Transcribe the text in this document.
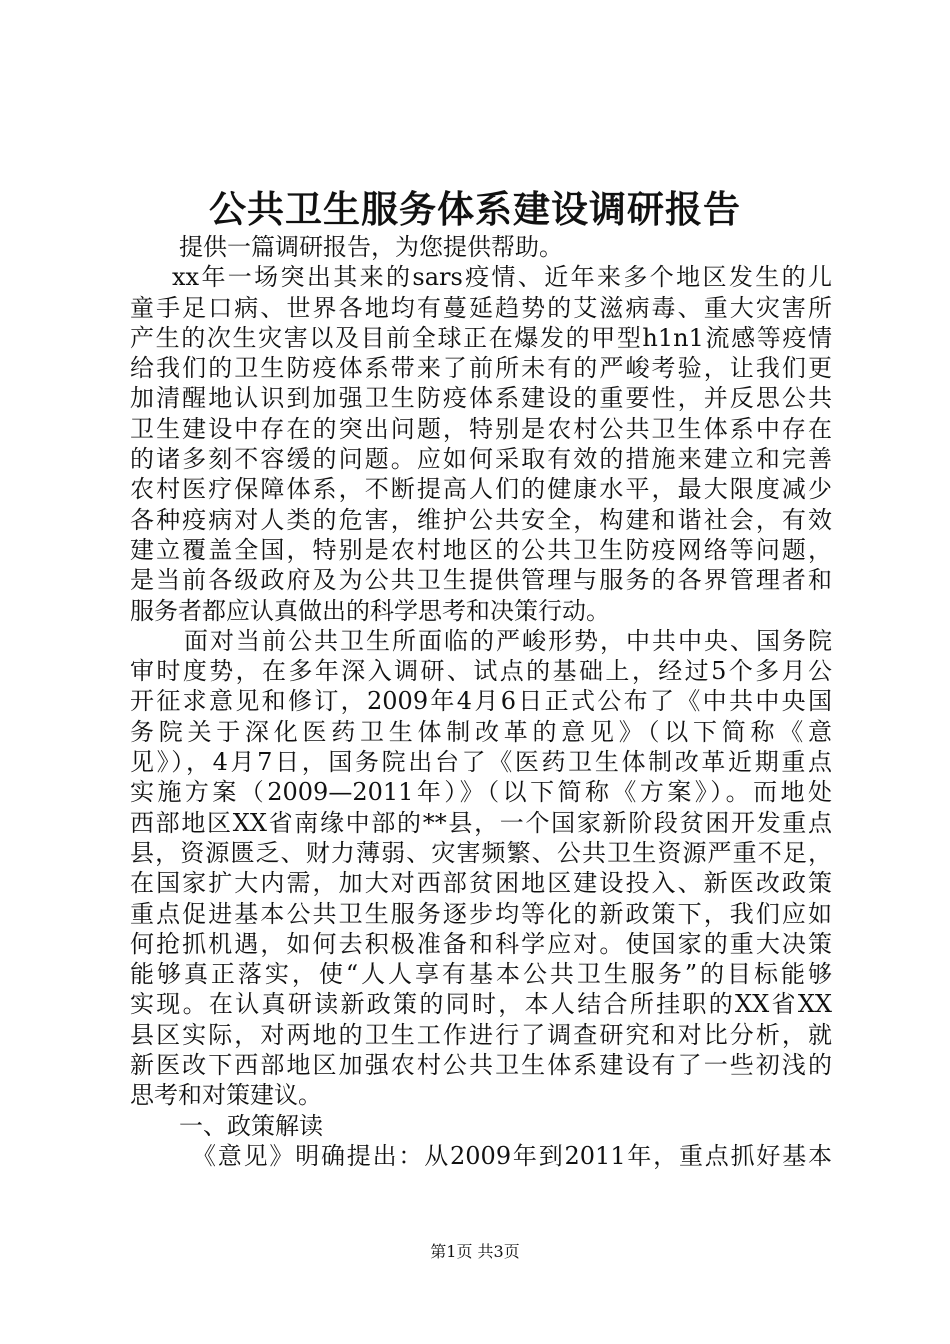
公共卫生服务体系建设调研报告
提供一篇调研报告，为您提供帮助。
xx年一场突出其来的sars疫情、近年来多个地区发生的儿
童手足口病、世界各地均有蔓延趋势的艾滋病毒、重大灾害所
产生的次生灾害以及目前全球正在爆发的甲型h1n1流感等疫情
给我们的卫生防疫体系带来了前所未有的严峻考验，让我们更
加清醒地认识到加强卫生防疫体系建设的重要性，并反思公共
卫生建设中存在的突出问题，特别是农村公共卫生体系中存在
的诸多刻不容缓的问题。应如何采取有效的措施来建立和完善
农村医疗保障体系，不断提高人们的健康水平，最大限度减少
各种疫病对人类的危害，维护公共安全，构建和谐社会，有效
建立覆盖全国，特别是农村地区的公共卫生防疫网络等问题，
是当前各级政府及为公共卫生提供管理与服务的各界管理者和
服务者都应认真做出的科学思考和决策行动。
面对当前公共卫生所面临的严峻形势，中共中央、国务院
审时度势，在多年深入调研、试点的基础上，经过5个多月公
开征求意见和修订，2009年4月6日正式公布了《中共中央国
务院关于深化医药卫生体制改革的意见》（以下简称《意
见》），4月7日，国务院出台了《医药卫生体制改革近期重点
实施方案（2009—2011年）》（以下简称《方案》）。而地处
西部地区XX省南缘中部的**县，一个国家新阶段贫困开发重点
县，资源匮乏、财力薄弱、灾害频繁、公共卫生资源严重不足，
在国家扩大内需，加大对西部贫困地区建设投入、新医改政策
重点促进基本公共卫生服务逐步均等化的新政策下，我们应如
何抢抓机遇，如何去积极准备和科学应对。使国家的重大决策
能够真正落实，使“人人享有基本公共卫生服务”的目标能够
实现。在认真研读新政策的同时，本人结合所挂职的XX省XX
县区实际，对两地的卫生工作进行了调查研究和对比分析，就
新医改下西部地区加强农村公共卫生体系建设有了一些初浅的
思考和对策建议。
一、政策解读
《意见》明确提出：从2009年到2011年，重点抓好基本
第1页 共3页
